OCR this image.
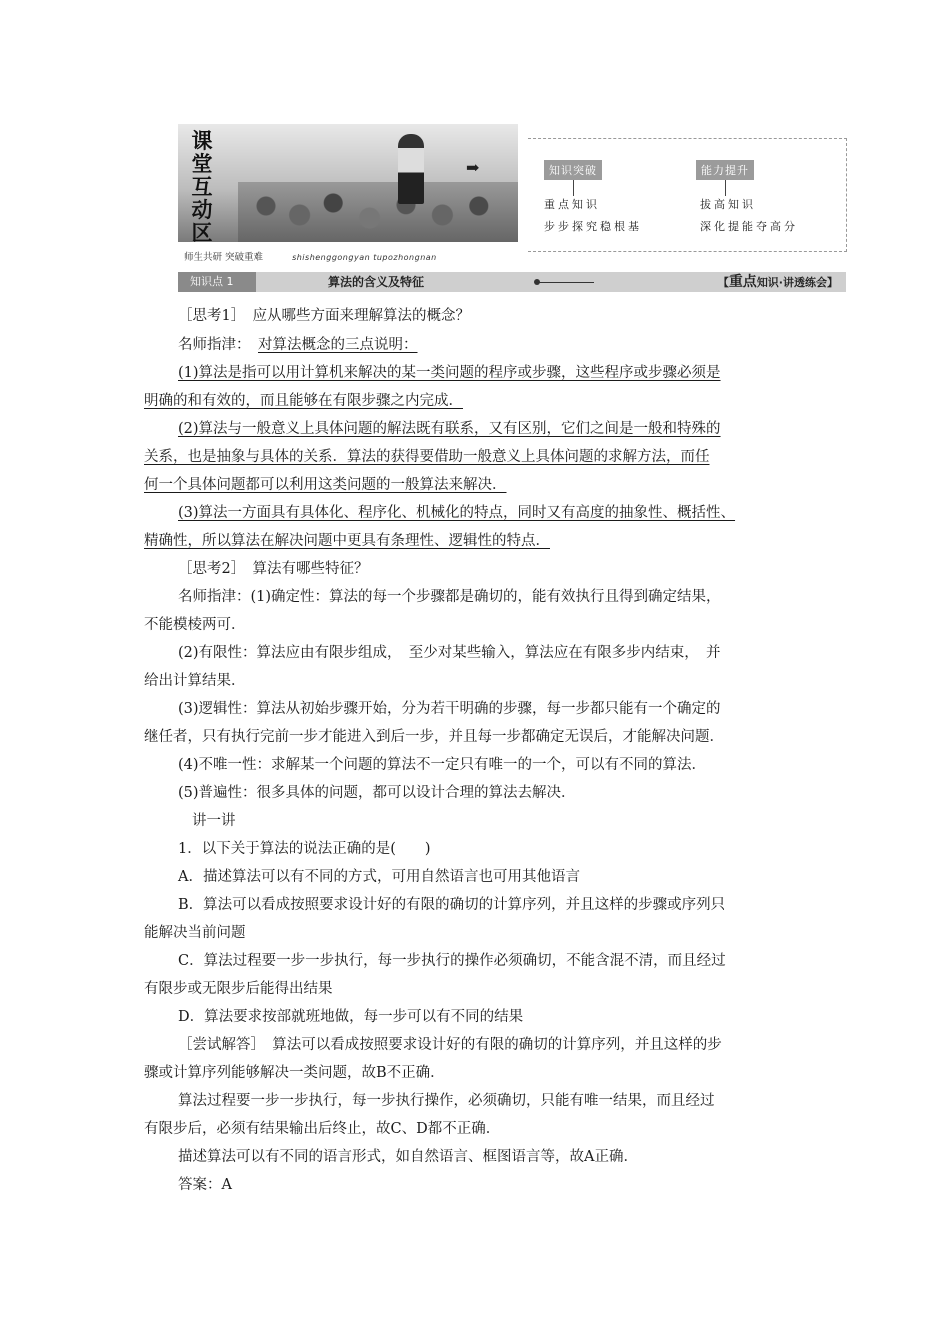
课
堂
互
动
区
师生共研 突破重难	shishenggongyan tupozhongnan
知识突破
➡	能力提升
重点知识
步步探究稳根基
拔高知识
深化提能夺高分
知识点 1	算法的含义及特征	【重点知识·讲透练会】
［思考1］　应从哪些方面来理解算法的概念？
名师指津： 对算法概念的三点说明：
(1)算法是指可以用计算机来解决的某一类问题的程序或步骤，这些程序或步骤必须是
明确的和有效的，而且能够在有限步骤之内完成．
(2)算法与一般意义上具体问题的解法既有联系，又有区别，它们之间是一般和特殊的
关系，也是抽象与具体的关系．算法的获得要借助一般意义上具体问题的求解方法，而任
何一个具体问题都可以利用这类问题的一般算法来解决．
(3)算法一方面具有具体化、程序化、机械化的特点，同时又有高度的抽象性、概括性、
精确性，所以算法在解决问题中更具有条理性、逻辑性的特点．
［思考2］　算法有哪些特征？
名师指津：(1)确定性：算法的每一个步骤都是确切的，能有效执行且得到确定结果，
不能模棱两可．
(2)有限性：算法应由有限步组成，　至少对某些输入，算法应在有限多步内结束，　并
给出计算结果．
(3)逻辑性：算法从初始步骤开始，分为若干明确的步骤，每一步都只能有一个确定的
继任者，只有执行完前一步才能进入到后一步，并且每一步都确定无误后，才能解决问题．
(4)不唯一性：求解某一个问题的算法不一定只有唯一的一个，可以有不同的算法．
(5)普遍性：很多具体的问题，都可以设计合理的算法去解决．
讲一讲
1．以下关于算法的说法正确的是(　　)
A．描述算法可以有不同的方式，可用自然语言也可用其他语言
B．算法可以看成按照要求设计好的有限的确切的计算序列，并且这样的步骤或序列只
能解决当前问题
C．算法过程要一步一步执行，每一步执行的操作必须确切，不能含混不清，而且经过
有限步或无限步后能得出结果
D．算法要求按部就班地做，每一步可以有不同的结果
［尝试解答］　算法可以看成按照要求设计好的有限的确切的计算序列，并且这样的步
骤或计算序列能够解决一类问题，故B不正确．
算法过程要一步一步执行，每一步执行操作，必须确切，只能有唯一结果，而且经过
有限步后，必须有结果输出后终止，故C、D都不正确．
描述算法可以有不同的语言形式，如自然语言、框图语言等，故A正确．
答案：A
